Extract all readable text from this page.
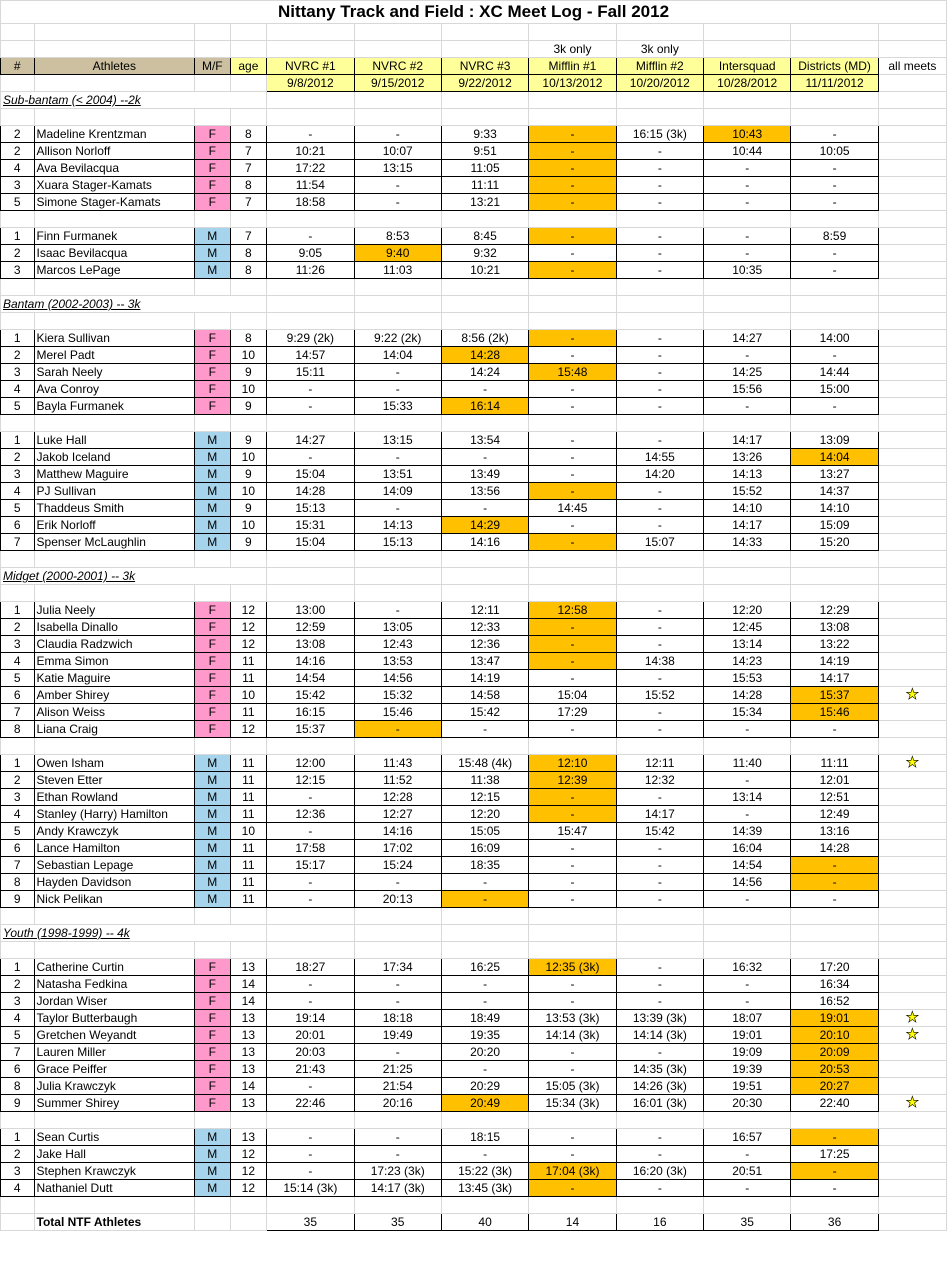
Nittany Track and Field : XC Meet Log - Fall 2012											

							3k only	3k only			
#	Athletes	M/F	age	NVRC #1	NVRC #2	NVRC #3	Mifflin #1	Mifflin #2	Intersquad	Districts (MD)	all meets
				9/8/2012	9/15/2012	9/22/2012	10/13/2012	10/20/2012	10/28/2012	11/11/2012	
Sub-bantam (< 2004) --2k											

2	Madeline Krentzman	F	8	-	-	9:33	-	16:15 (3k)	10:43	-	
2	Allison Norloff	F	7	10:21	10:07	9:51	-	-	10:44	10:05	
4	Ava Bevilacqua	F	7	17:22	13:15	11:05	-	-	-	-	
3	Xuara Stager-Kamats	F	8	11:54	-	11:11	-	-	-	-	
5	Simone Stager-Kamats	F	7	18:58	-	13:21	-	-	-	-	

1	Finn Furmanek	M	7	-	8:53	8:45	-	-	-	8:59	
2	Isaac Bevilacqua	M	8	9:05	9:40	9:32	-	-	-	-	
3	Marcos LePage	M	8	11:26	11:03	10:21	-	-	10:35	-	

Bantam (2002-2003) -- 3k											

1	Kiera Sullivan	F	8	9:29 (2k)	9:22 (2k)	8:56 (2k)	-	-	14:27	14:00	
2	Merel Padt	F	10	14:57	14:04	14:28	-	-	-	-	
3	Sarah Neely	F	9	15:11	-	14:24	15:48	-	14:25	14:44	
4	Ava Conroy	F	10	-	-	-	-	-	15:56	15:00	
5	Bayla Furmanek	F	9	-	15:33	16:14	-	-	-	-	

1	Luke Hall	M	9	14:27	13:15	13:54	-	-	14:17	13:09	
2	Jakob Iceland	M	10	-	-	-	-	14:55	13:26	14:04	
3	Matthew Maguire	M	9	15:04	13:51	13:49	-	14:20	14:13	13:27	
4	PJ Sullivan	M	10	14:28	14:09	13:56	-	-	15:52	14:37	
5	Thaddeus Smith	M	9	15:13	-	-	14:45	-	14:10	14:10	
6	Erik Norloff	M	10	15:31	14:13	14:29	-	-	14:17	15:09	
7	Spenser McLaughlin	M	9	15:04	15:13	14:16	-	15:07	14:33	15:20	

Midget (2000-2001) -- 3k											

1	Julia Neely	F	12	13:00	-	12:11	12:58	-	12:20	12:29	
2	Isabella Dinallo	F	12	12:59	13:05	12:33	-	-	12:45	13:08	
3	Claudia Radzwich	F	12	13:08	12:43	12:36	-	-	13:14	13:22	
4	Emma Simon	F	11	14:16	13:53	13:47	-	14:38	14:23	14:19	
5	Katie Maguire	F	11	14:54	14:56	14:19	-	-	15:53	14:17	
6	Amber Shirey	F	10	15:42	15:32	14:58	15:04	15:52	14:28	15:37	★
7	Alison Weiss	F	11	16:15	15:46	15:42	17:29	-	15:34	15:46	
8	Liana Craig	F	12	15:37	-	-	-	-	-	-	

1	Owen Isham	M	11	12:00	11:43	15:48 (4k)	12:10	12:11	11:40	11:11	★
2	Steven Etter	M	11	12:15	11:52	11:38	12:39	12:32	-	12:01	
3	Ethan Rowland	M	11	-	12:28	12:15	-	-	13:14	12:51	
4	Stanley (Harry) Hamilton	M	11	12:36	12:27	12:20	-	14:17	-	12:49	
5	Andy Krawczyk	M	10	-	14:16	15:05	15:47	15:42	14:39	13:16	
6	Lance Hamilton	M	11	17:58	17:02	16:09	-	-	16:04	14:28	
7	Sebastian Lepage	M	11	15:17	15:24	18:35	-	-	14:54	-	
8	Hayden Davidson	M	11	-	-	-	-	-	14:56	-	
9	Nick Pelikan	M	11	-	20:13	-	-	-	-	-	

Youth (1998-1999) -- 4k											

1	Catherine Curtin	F	13	18:27	17:34	16:25	12:35 (3k)	-	16:32	17:20	
2	Natasha Fedkina	F	14	-	-	-	-	-	-	16:34	
3	Jordan Wiser	F	14	-	-	-	-	-	-	16:52	
4	Taylor Butterbaugh	F	13	19:14	18:18	18:49	13:53 (3k)	13:39 (3k)	18:07	19:01	★
5	Gretchen Weyandt	F	13	20:01	19:49	19:35	14:14 (3k)	14:14 (3k)	19:01	20:10	★
7	Lauren Miller	F	13	20:03	-	20:20	-	-	19:09	20:09	
6	Grace Peiffer	F	13	21:43	21:25	-	-	14:35 (3k)	19:39	20:53	
8	Julia Krawczyk	F	14	-	21:54	20:29	15:05 (3k)	14:26 (3k)	19:51	20:27	
9	Summer Shirey	F	13	22:46	20:16	20:49	15:34 (3k)	16:01 (3k)	20:30	22:40	★

1	Sean Curtis	M	13	-	-	18:15	-	-	16:57	-	
2	Jake Hall	M	12	-	-	-	-	-	-	17:25	
3	Stephen Krawczyk	M	12	-	17:23 (3k)	15:22 (3k)	17:04 (3k)	16:20 (3k)	20:51	-	
4	Nathaniel Dutt	M	12	15:14 (3k)	14:17 (3k)	13:45 (3k)	-	-	-	-	

	Total NTF Athletes			35	35	40	14	16	35	36	
